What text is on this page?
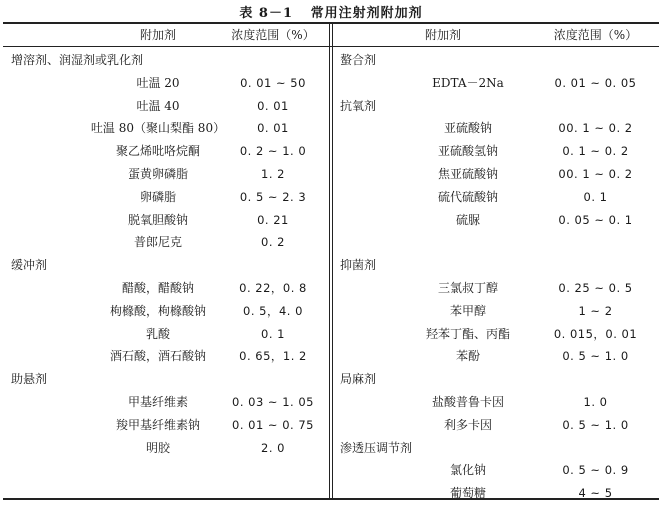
表 8－1 常用注射剂附加剂
附加剂	浓度范围（%）
增溶剂、润湿剂或乳化剂
吐温 20	0. 01 ~ 50
吐温 40	0. 01
吐温 80（聚山梨酯 80）	0. 01
聚乙烯吡咯烷酮	0. 2 ~ 1. 0
蛋黄卵磷脂	1. 2
卵磷脂	0. 5 ~ 2. 3
脱氧胆酸钠	0. 21
普郎尼克	0. 2
缓冲剂
醋酸，醋酸钠	0. 22，0. 8
枸橼酸，枸橼酸钠	0. 5，4. 0
乳酸	0. 1
酒石酸，酒石酸钠	0. 65，1. 2
助悬剂
甲基纤维素	0. 03 ~ 1. 05
羧甲基纤维素钠	0. 01 ~ 0. 75
明胶	2. 0
附加剂	浓度范围（%）
螯合剂
EDTA－2Na	0. 01 ~ 0. 05
抗氧剂
亚硫酸钠	00. 1 ~ 0. 2
亚硫酸氢钠	0. 1 ~ 0. 2
焦亚硫酸钠	00. 1 ~ 0. 2
硫代硫酸钠	0. 1
硫脲	0. 05 ~ 0. 1
抑菌剂
三氯叔丁醇	0. 25 ~ 0. 5
苯甲醇	1 ~ 2
羟苯丁酯、丙酯	0. 015，0. 01
苯酚	0. 5 ~ 1. 0
局麻剂
盐酸普鲁卡因	1. 0
利多卡因	0. 5 ~ 1. 0
渗透压调节剂
氯化钠	0. 5 ~ 0. 9
葡萄糖	4 ~ 5
